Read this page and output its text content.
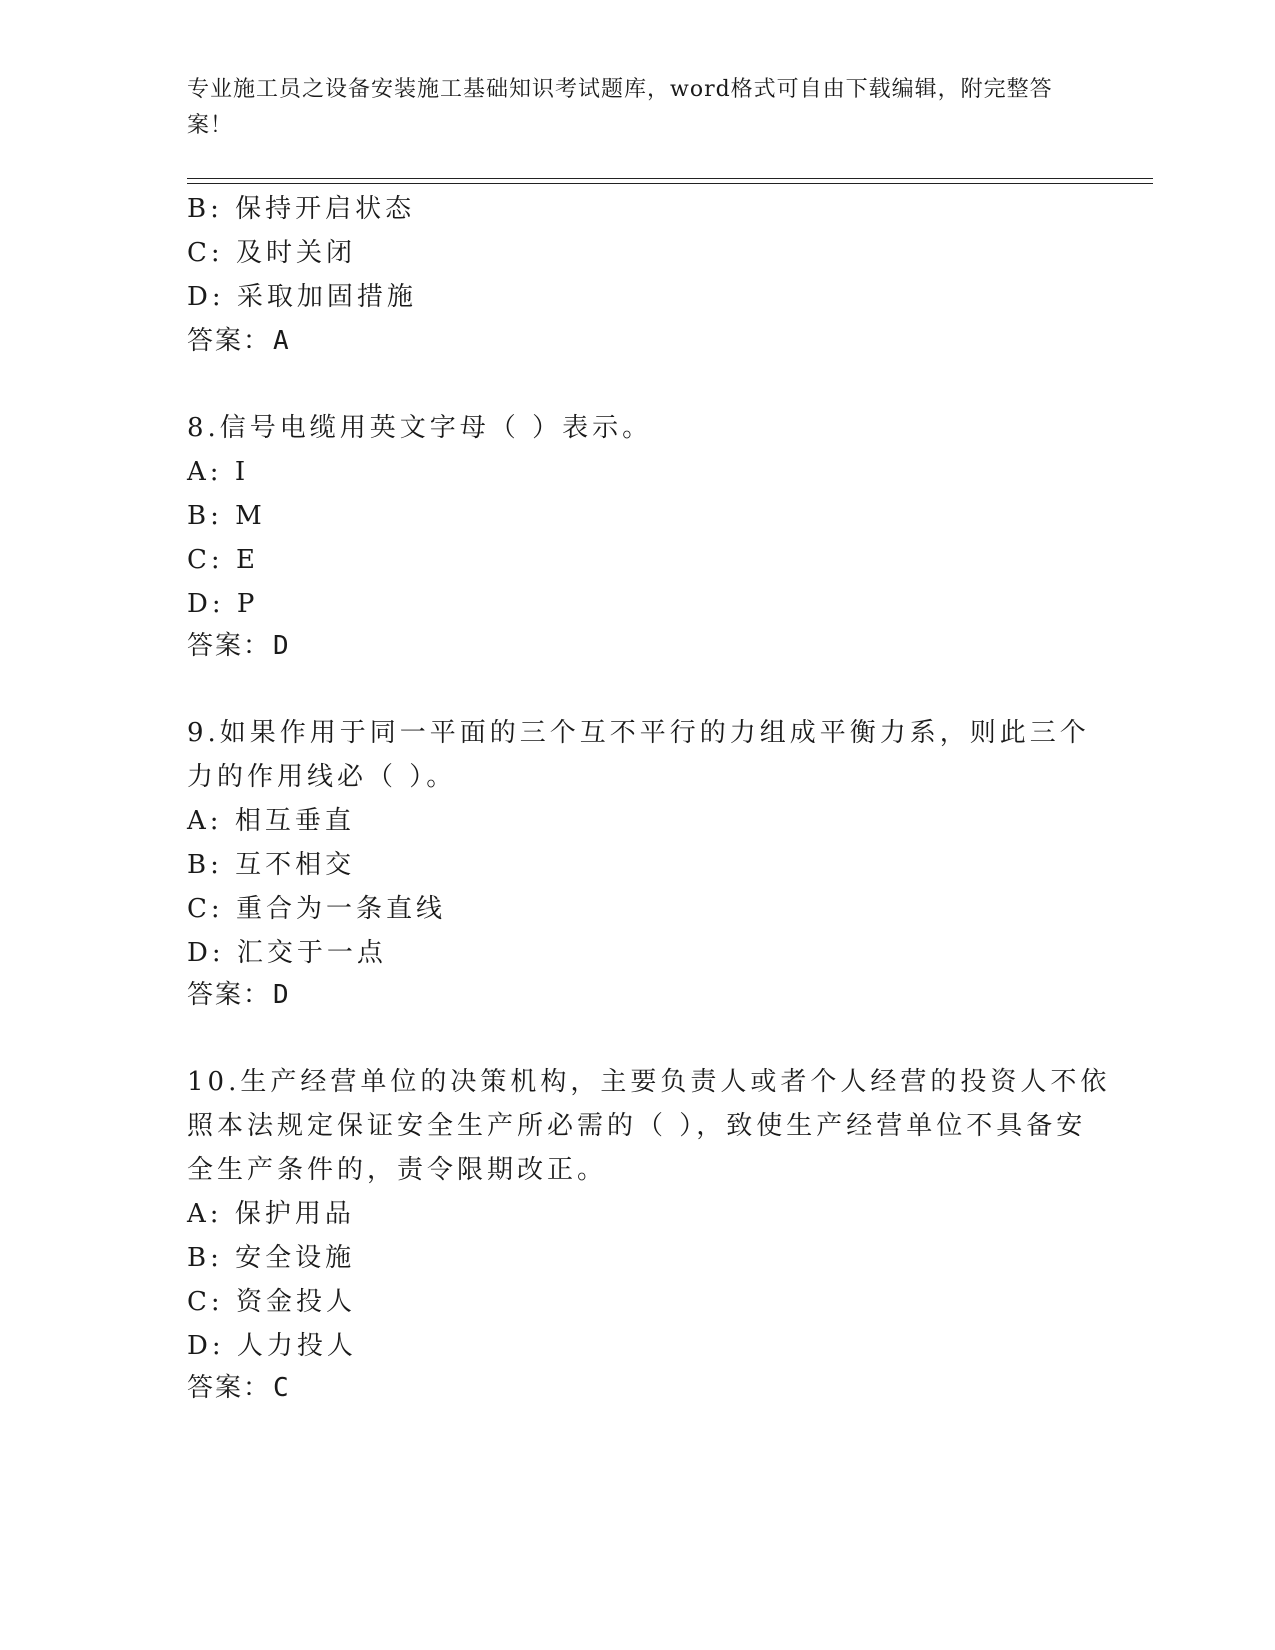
专业施工员之设备安装施工基础知识考试题库，word格式可自由下载编辑，附完整答案！
B: 保持开启状态
C: 及时关闭
D: 采取加固措施
答案：A
8.信号电缆用英文字母（ ）表示。
A: I
B: M
C: E
D: P
答案：D
9.如果作用于同一平面的三个互不平行的力组成平衡力系，则此三个
力的作用线必（ ）。
A: 相互垂直
B: 互不相交
C: 重合为一条直线
D: 汇交于一点
答案：D
10.生产经营单位的决策机构，主要负责人或者个人经营的投资人不依
照本法规定保证安全生产所必需的（ ），致使生产经营单位不具备安
全生产条件的，责令限期改正。
A: 保护用品
B: 安全设施
C: 资金投人
D: 人力投人
答案：C
